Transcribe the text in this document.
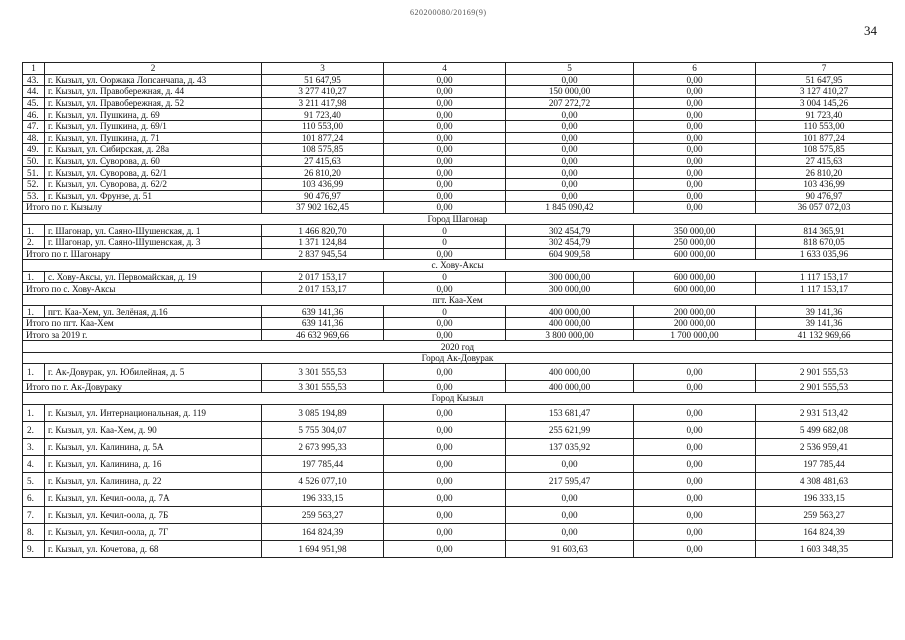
620200080/20169(9)
34
1	2	3	4	5	6	7
43.	г. Кызыл, ул. Ооржака Лопсанчапа, д. 43	51 647,95	0,00	0,00	0,00	51 647,95
44.	г. Кызыл, ул. Правобережная, д. 44	3 277 410,27	0,00	150 000,00	0,00	3 127 410,27
45.	г. Кызыл, ул. Правобережная, д. 52	3 211 417,98	0,00	207 272,72	0,00	3 004 145,26
46.	г. Кызыл, ул. Пушкина, д. 69	91 723,40	0,00	0,00	0,00	91 723,40
47.	г. Кызыл, ул. Пушкина, д. 69/1	110 553,00	0,00	0,00	0,00	110 553,00
48.	г. Кызыл, ул. Пушкина, д. 71	101 877,24	0,00	0,00	0,00	101 877,24
49.	г. Кызыл, ул. Сибирская, д. 28а	108 575,85	0,00	0,00	0,00	108 575,85
50.	г. Кызыл, ул. Суворова, д. 60	27 415,63	0,00	0,00	0,00	27 415,63
51.	г. Кызыл, ул. Суворова, д. 62/1	26 810,20	0,00	0,00	0,00	26 810,20
52.	г. Кызыл, ул. Суворова, д. 62/2	103 436,99	0,00	0,00	0,00	103 436,99
53.	г. Кызыл, ул. Фрунзе, д. 51	90 476,97	0,00	0,00	0,00	90 476,97
Итого по г. Кызылу		37 902 162,45	0,00	1 845 090,42	0,00	36 057 072,03
Город Шагонар						
1.	г. Шагонар, ул. Саяно-Шушенская, д. 1	1 466 820,70	0	302 454,79	350 000,00	814 365,91
2.	г. Шагонар, ул. Саяно-Шушенская, д. 3	1 371 124,84	0	302 454,79	250 000,00	818 670,05
Итого по г. Шагонару		2 837 945,54	0,00	604 909,58	600 000,00	1 633 035,96
с. Хову-Аксы						
1.	с. Хову-Аксы, ул. Первомайская, д. 19	2 017 153,17	0	300 000,00	600 000,00	1 117 153,17
Итого по с. Хову-Аксы		2 017 153,17	0,00	300 000,00	600 000,00	1 117 153,17
пгт. Каа-Хем						
1.	пгт. Каа-Хем, ул. Зелёная, д.16	639 141,36	0	400 000,00	200 000,00	39 141,36
Итого по пгт. Каа-Хем		639 141,36	0,00	400 000,00	200 000,00	39 141,36
Итого за 2019 г.		46 632 969,66	0,00	3 800 000,00	1 700 000,00	41 132 969,66
2020 год						
Город Ак-Довурак						
1.	г. Ак-Довурак, ул. Юбилейная, д. 5	3 301 555,53	0,00	400 000,00	0,00	2 901 555,53
Итого по г. Ак-Довураку		3 301 555,53	0,00	400 000,00	0,00	2 901 555,53
Город Кызыл						
1.	г. Кызыл, ул. Интернациональная, д. 119	3 085 194,89	0,00	153 681,47	0,00	2 931 513,42
2.	г. Кызыл, ул. Каа-Хем, д. 90	5 755 304,07	0,00	255 621,99	0,00	5 499 682,08
3.	г. Кызыл, ул. Калинина, д. 5А	2 673 995,33	0,00	137 035,92	0,00	2 536 959,41
4.	г. Кызыл, ул. Калинина, д. 16	197 785,44	0,00	0,00	0,00	197 785,44
5.	г. Кызыл, ул. Калинина, д. 22	4 526 077,10	0,00	217 595,47	0,00	4 308 481,63
6.	г. Кызыл, ул. Кечил-оола, д. 7А	196 333,15	0,00	0,00	0,00	196 333,15
7.	г. Кызыл, ул. Кечил-оола, д. 7Б	259 563,27	0,00	0,00	0,00	259 563,27
8.	г. Кызыл, ул. Кечил-оола, д. 7Г	164 824,39	0,00	0,00	0,00	164 824,39
9.	г. Кызыл, ул. Кочетова, д. 68	1 694 951,98	0,00	91 603,63	0,00	1 603 348,35
